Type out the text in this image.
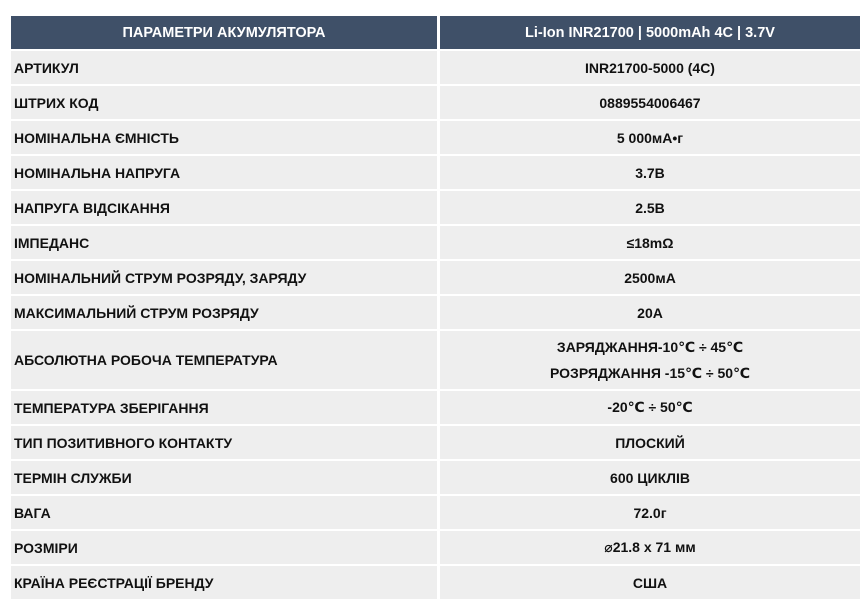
ПАРАМЕТРИ АКУМУЛЯТОРА	Li-Ion INR21700 | 5000mAh 4C | 3.7V
АРТИКУЛ	INR21700-5000 (4C)
ШТРИХ КОД	0889554006467
НОМІНАЛЬНА ЄМНІСТЬ	5 000мА•г
НОМІНАЛЬНА НАПРУГА	3.7В
НАПРУГА ВІДСІКАННЯ	2.5В
ІМПЕДАНС	≤18mΩ
НОМІНАЛЬНИЙ СТРУМ РОЗРЯДУ, ЗАРЯДУ	2500мА
МАКСИМАЛЬНИЙ СТРУМ РОЗРЯДУ	20А
АБСОЛЮТНА РОБОЧА ТЕМПЕРАТУРА	ЗАРЯДЖАННЯ-10℃ ÷ 45℃
РОЗРЯДЖАННЯ -15℃ ÷ 50℃

ТЕМПЕРАТУРА ЗБЕРІГАННЯ	-20℃ ÷ 50℃
ТИП ПОЗИТИВНОГО КОНТАКТУ	ПЛОСКИЙ
ТЕРМІН СЛУЖБИ	600 ЦИКЛІВ
ВАГА	72.0г
РОЗМІРИ	⌀21.8 х 71 мм
КРАЇНА РЕЄСТРАЦІЇ БРЕНДУ	США
